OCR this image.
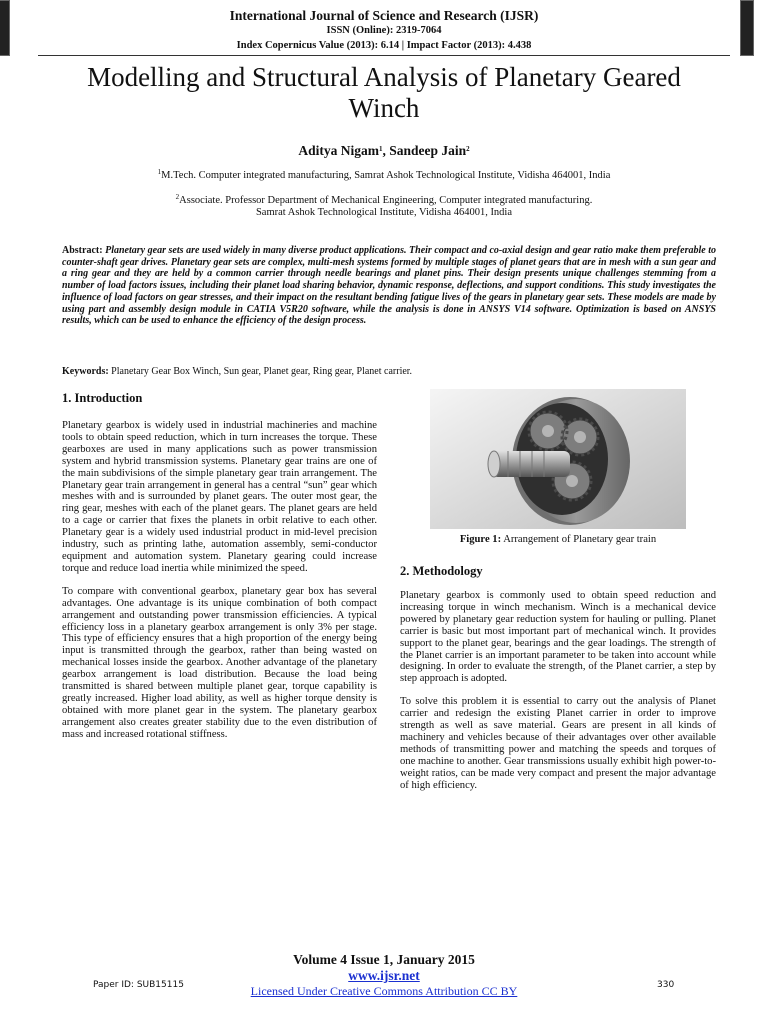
International Journal of Science and Research (IJSR)
ISSN (Online): 2319-7064
Index Copernicus Value (2013): 6.14 | Impact Factor (2013): 4.438
Modelling and Structural Analysis of Planetary Geared Winch
Aditya Nigam$^1$, Sandeep Jain$^2$
$^1$M.Tech. Computer integrated manufacturing, Samrat Ashok Technological Institute, Vidisha 464001, India
$^2$Associate. Professor Department of Mechanical Engineering, Computer integrated manufacturing.
Samrat Ashok Technological Institute, Vidisha 464001, India
Abstract: Planetary gear sets are used widely in many diverse product applications. Their compact and co-axial design and gear ratio make them preferable to counter-shaft gear drives. Planetary gear sets are complex, multi-mesh systems formed by multiple stages of planet gears that are in mesh with a sun gear and a ring gear and they are held by a common carrier through needle bearings and planet pins. Their design presents unique challenges stemming from a number of load factors issues, including their planet load sharing behavior, dynamic response, deflections, and support conditions. This study investigates the influence of load factors on gear stresses, and their impact on the resultant bending fatigue lives of the gears in planetary gear sets. These models are made by using part and assembly design module in CATIA V5R20 software, while the analysis is done in ANSYS V14 software. Optimization is based on ANSYS results, which can be used to enhance the efficiency of the design process.
Keywords: Planetary Gear Box Winch, Sun gear, Planet gear, Ring gear, Planet carrier.
1. Introduction

Planetary gearbox is widely used in industrial machineries and machine tools to obtain speed reduction, which in turn increases the torque. These gearboxes are used in many applications such as power transmission system and hybrid transmission systems. Planetary gear trains are one of the main subdivisions of the simple planetary gear train arrangement. The Planetary gear train arrangement in general has a central “sun” gear which meshes with and is surrounded by planet gears. The outer most gear, the ring gear, meshes with each of the planet gears. The planet gears are held to a cage or carrier that fixes the planets in orbit relative to each other. Planetary gear is a widely used industrial product in mid-level precision industry, such as printing lathe, automation assembly, semi-conductor equipment and automation system. Planetary gearing could increase torque and reduce load inertia while minimized the speed.

To compare with conventional gearbox, planetary gear box has several advantages. One advantage is its unique combination of both compact arrangement and outstanding power transmission efficiencies. A typical efficiency loss in a planetary gearbox arrangement is only 3% per stage. This type of efficiency ensures that a high proportion of the energy being input is transmitted through the gearbox, rather than being wasted on mechanical losses inside the gearbox. Another advantage of the planetary gearbox arrangement is load distribution. Because the load being transmitted is shared between multiple planet gear, torque capability is greatly increased. Higher load ability, as well as higher torque density is obtained with more planet gear in the system. The planetary gearbox arrangement also creates greater stability due to the even distribution of mass and increased rotational stiffness.

Figure 1: Arrangement of Planetary gear train
2. Methodology

Planetary gearbox is commonly used to obtain speed reduction and increasing torque in winch mechanism. Winch is a mechanical device powered by planetary gear reduction system for hauling or pulling. Planet carrier is basic but most important part of mechanical winch. It provides support to the planet gear, bearings and the gear loadings. The strength of the Planet carrier is an important parameter to be taken into account while designing. In order to evaluate the strength, of the Planet carrier, a step by step approach is adopted.

To solve this problem it is essential to carry out the analysis of Planet carrier and redesign the existing Planet carrier in order to improve strength as well as save material. Gears are present in all kinds of machinery and vehicles because of their advantages over other available methods of transmitting power and matching the speeds and torques of one machine to another. Gear transmissions usually exhibit high power-to-weight ratios, can be made very compact and present the major advantage of high efficiency.

Volume 4 Issue 1, January 2015
www.ijsr.net
Licensed Under Creative Commons Attribution CC BY
Paper ID: SUB15115	330
